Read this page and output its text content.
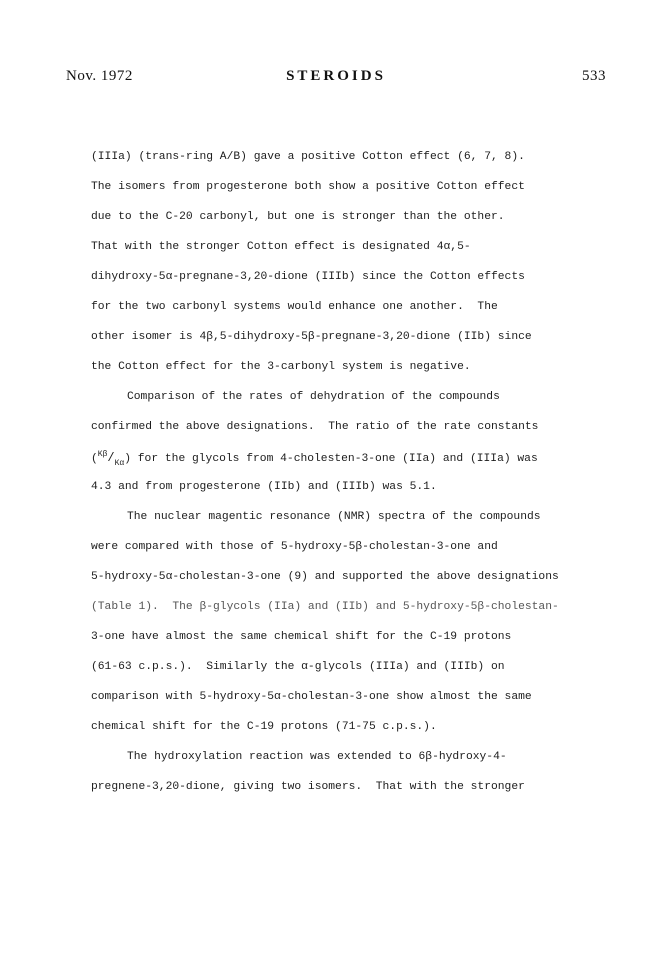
Nov. 1972	STEROIDS	533
(IIIa) (trans-ring A/B) gave a positive Cotton effect (6, 7, 8).
The isomers from progesterone both show a positive Cotton effect
due to the C-20 carbonyl, but one is stronger than the other.
That with the stronger Cotton effect is designated 4α,5-
dihydroxy-5α-pregnane-3,20-dione (IIIb) since the Cotton effects
for the two carbonyl systems would enhance one another.  The
other isomer is 4β,5-dihydroxy-5β-pregnane-3,20-dione (IIb) since
the Cotton effect for the 3-carbonyl system is negative.
Comparison of the rates of dehydration of the compounds
confirmed the above designations.  The ratio of the rate constants
$(^{K\beta}/_{K\alpha})$ for the glycols from 4-cholesten-3-one (IIa) and (IIIa) was
4.3 and from progesterone (IIb) and (IIIb) was 5.1.
The nuclear magentic resonance (NMR) spectra of the compounds
were compared with those of 5-hydroxy-5β-cholestan-3-one and
5-hydroxy-5α-cholestan-3-one (9) and supported the above designations
(Table 1).  The β-glycols (IIa) and (IIb) and 5-hydroxy-5β-cholestan-
3-one have almost the same chemical shift for the C-19 protons
(61-63 c.p.s.).  Similarly the α-glycols (IIIa) and (IIIb) on
comparison with 5-hydroxy-5α-cholestan-3-one show almost the same
chemical shift for the C-19 protons (71-75 c.p.s.).
The hydroxylation reaction was extended to 6β-hydroxy-4-
pregnene-3,20-dione, giving two isomers.  That with the stronger
